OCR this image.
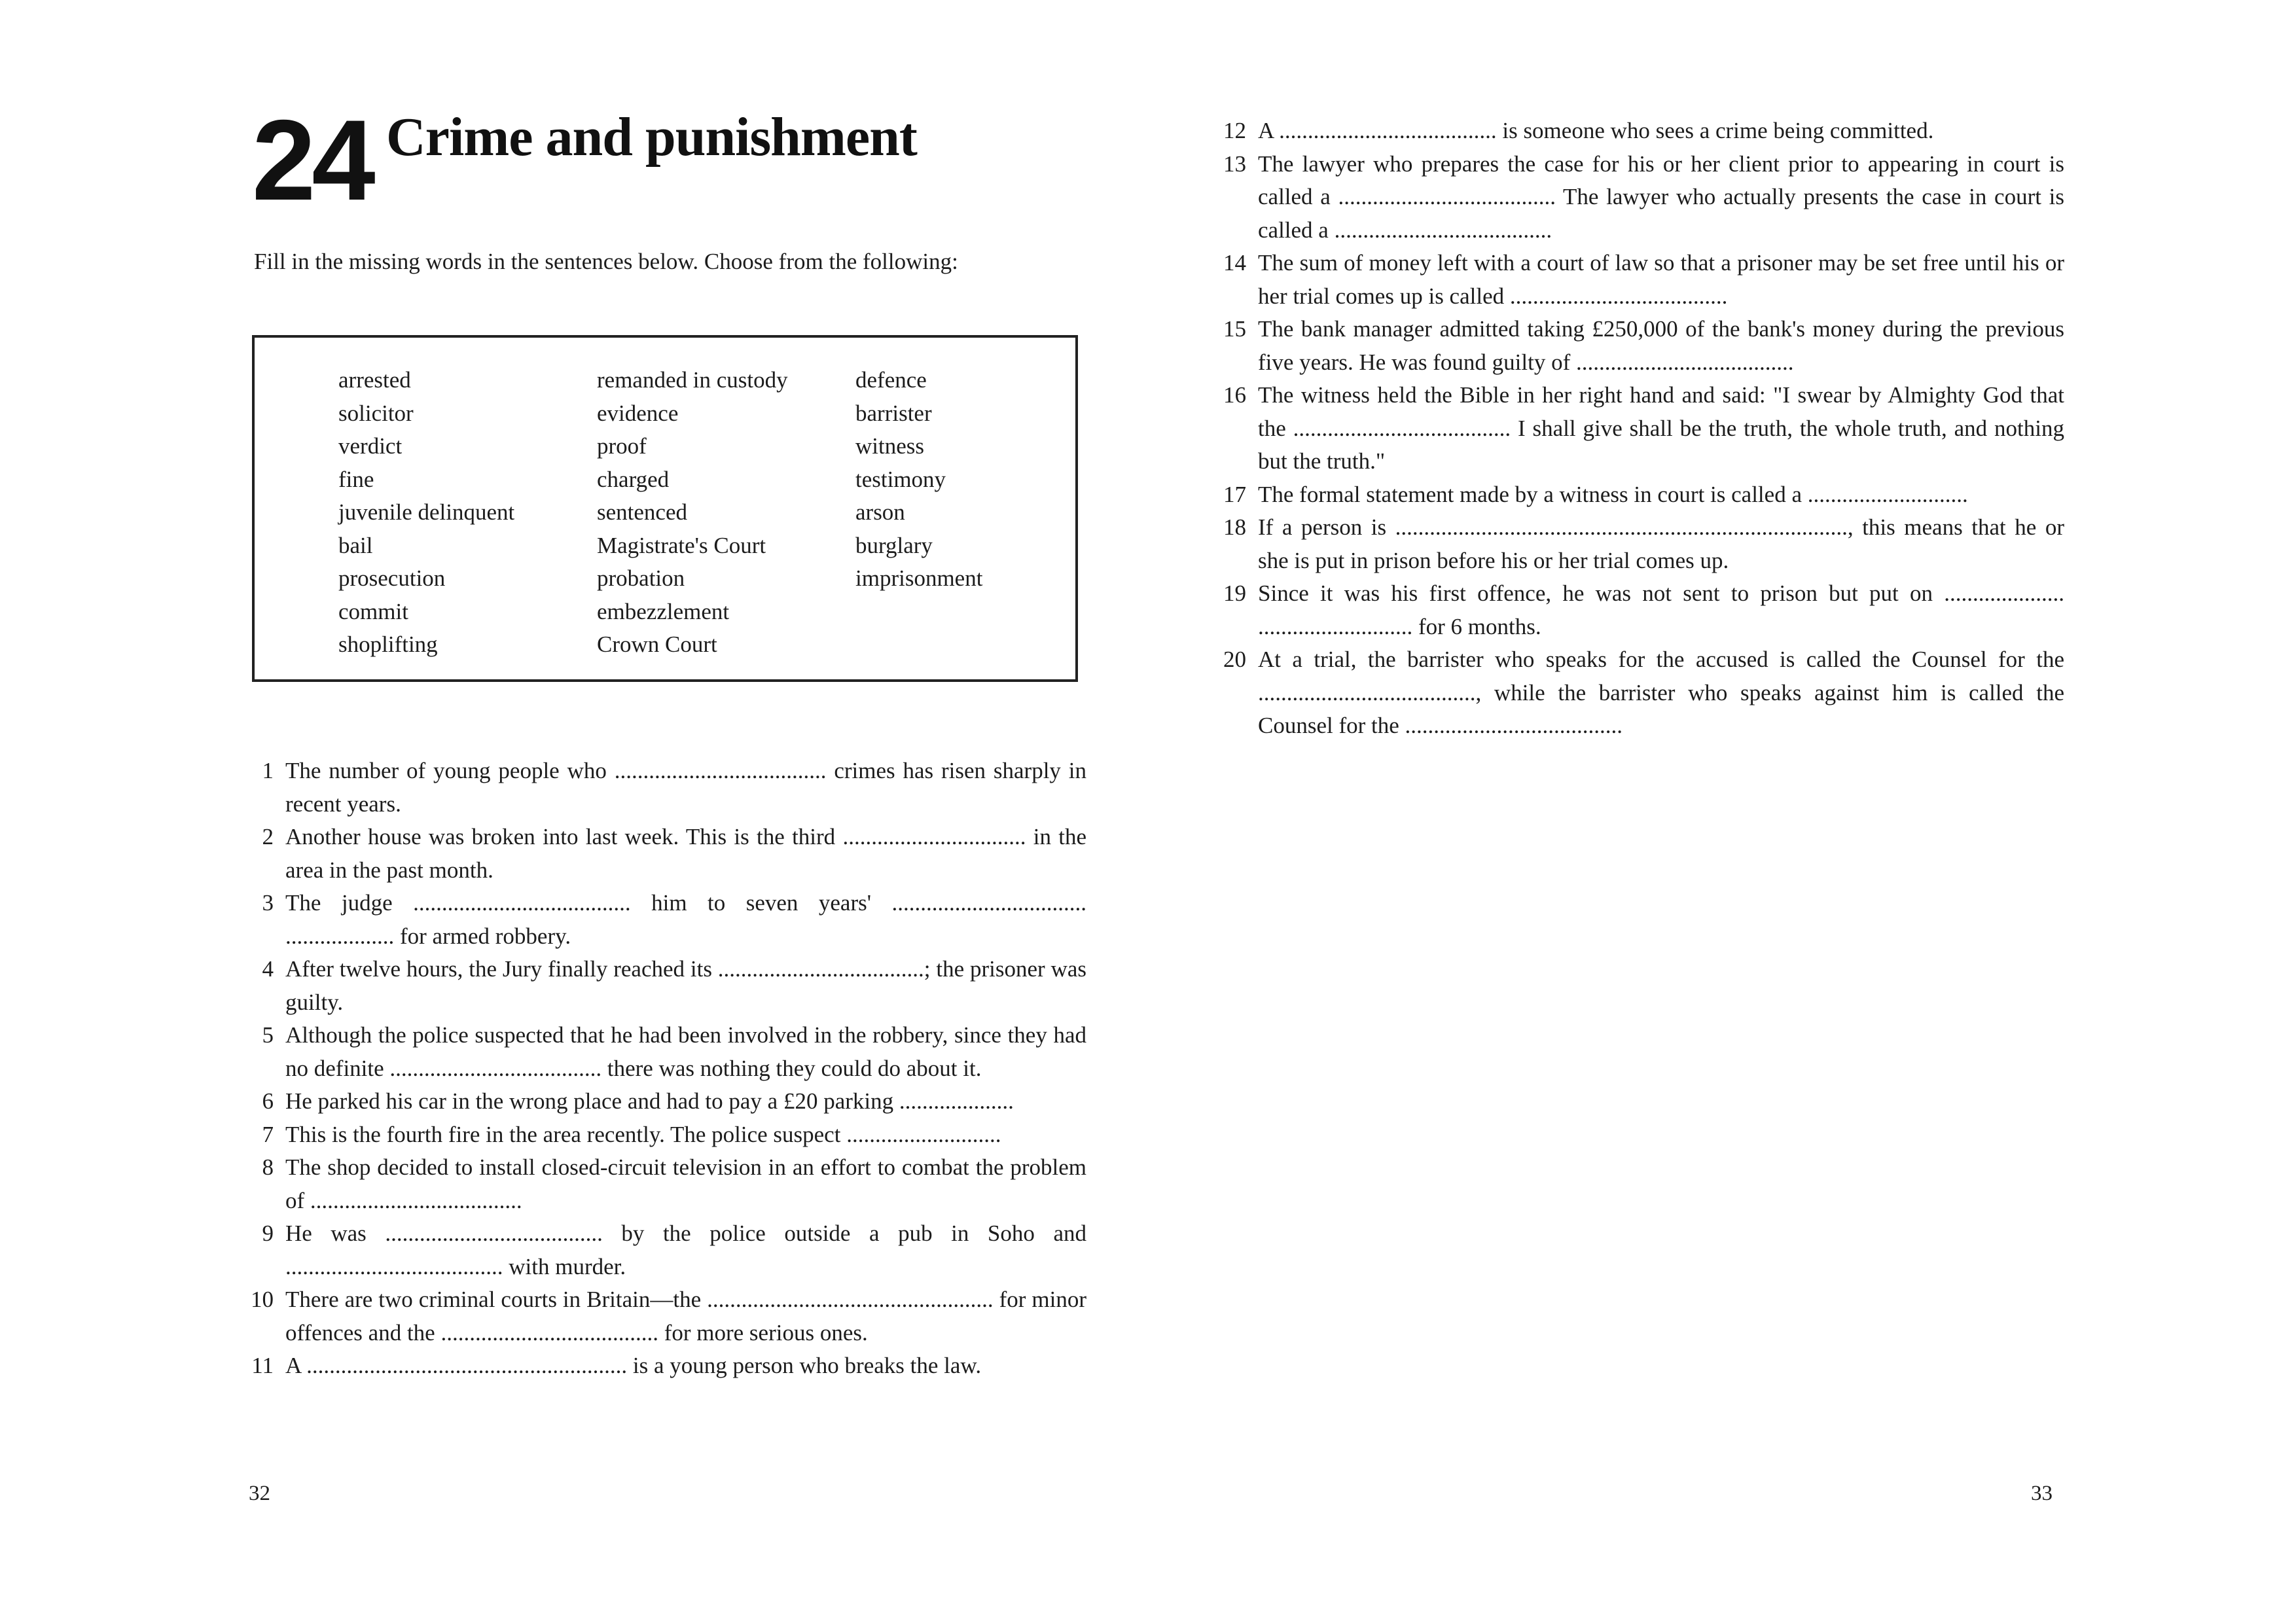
24 Crime and punishment
Fill in the missing words in the sentences below. Choose from the following:
arrested
solicitor
verdict
fine
juvenile delinquent
bail
prosecution
commit
shoplifting
remanded in custody
evidence
proof
charged
sentenced
Magistrate's Court
probation
embezzlement
Crown Court
defence
barrister
witness
testimony
arson
burglary
imprisonment
1 The number of young people who ..................................... crimes has risen sharply in recent years.
2 Another house was broken into last week. This is the third ................................ in the area in the past month.
3 The judge ...................................... him to seven years' .................................. ................... for armed robbery.
4 After twelve hours, the Jury finally reached its ....................................; the prisoner was guilty.
5 Although the police suspected that he had been involved in the robbery, since they had no definite ..................................... there was nothing they could do about it.
6 He parked his car in the wrong place and had to pay a £20 parking ....................
7 This is the fourth fire in the area recently. The police suspect ...........................
8 The shop decided to install closed-circuit television in an effort to combat the problem of .....................................
9 He was ...................................... by the police outside a pub in Soho and ...................................... with murder.
10 There are two criminal courts in Britain—the .................................................. for minor offences and the ...................................... for more serious ones.
11 A ........................................................ is a young person who breaks the law.
32
12 A ...................................... is someone who sees a crime being committed.
13 The lawyer who prepares the case for his or her client prior to appearing in court is called a ...................................... The lawyer who actually presents the case in court is called a ......................................
14 The sum of money left with a court of law so that a prisoner may be set free until his or her trial comes up is called ......................................
15 The bank manager admitted taking £250,000 of the bank's money during the previous five years. He was found guilty of ......................................
16 The witness held the Bible in her right hand and said: "I swear by Almighty God that the ...................................... I shall give shall be the truth, the whole truth, and nothing but the truth."
17 The formal statement made by a witness in court is called a ............................
18 If a person is ..............................................................................., this means that he or she is put in prison before his or her trial comes up.
19 Since it was his first offence, he was not sent to prison but put on ..................... ........................... for 6 months.
20 At a trial, the barrister who speaks for the accused is called the Counsel for the ......................................, while the barrister who speaks against him is called the Counsel for the ......................................
33
